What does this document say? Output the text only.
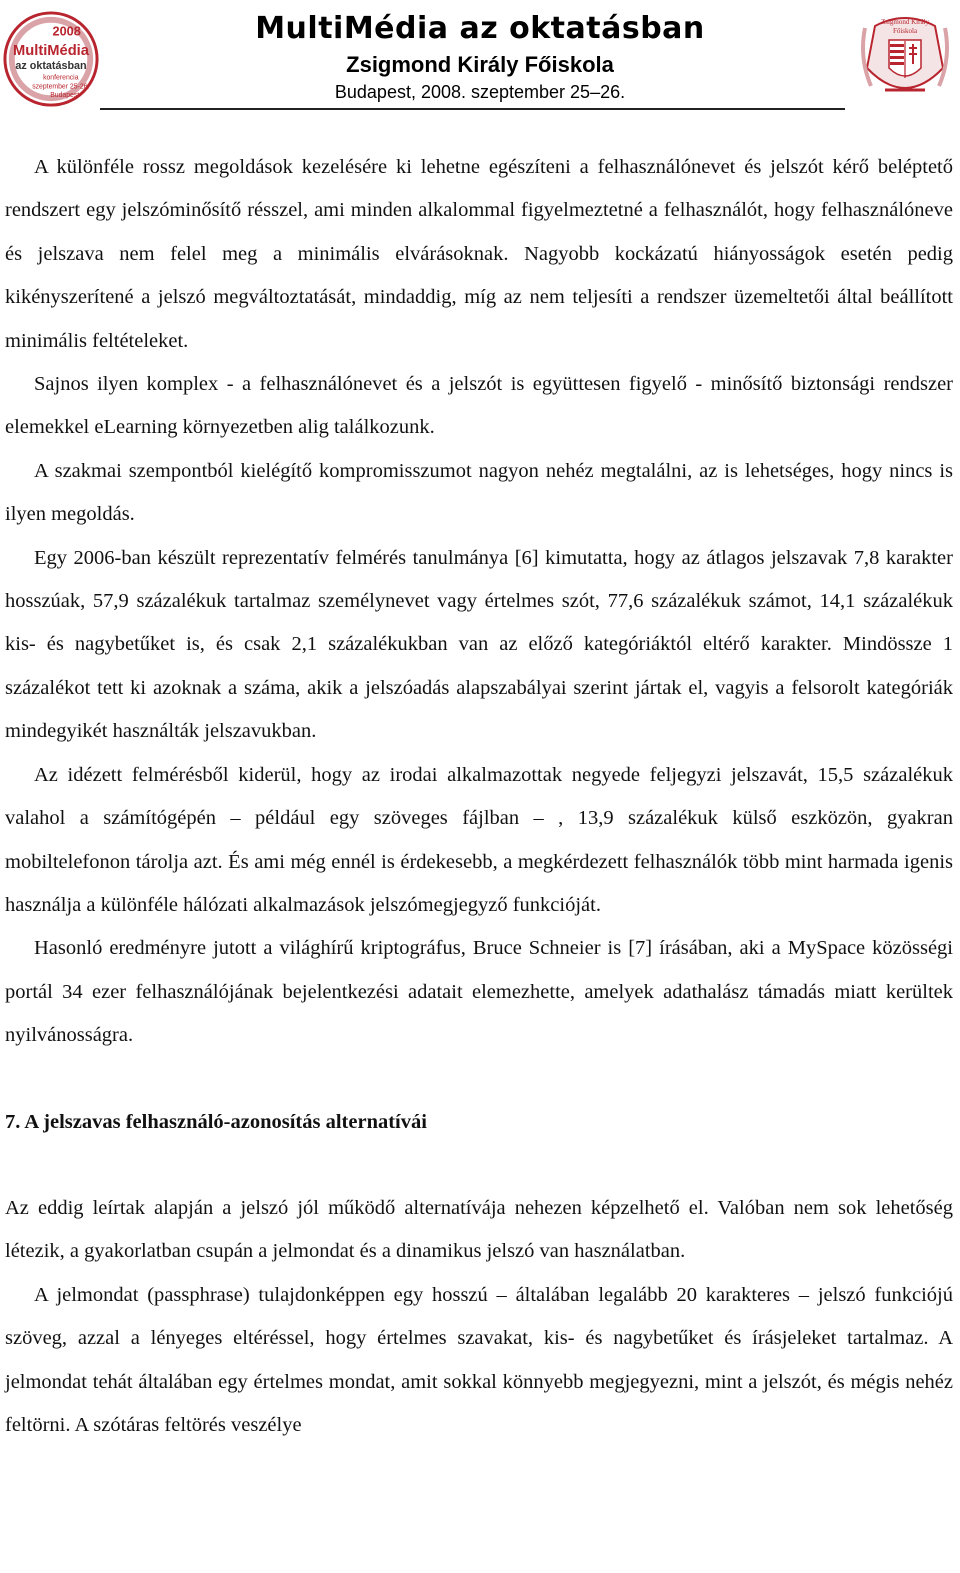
2008
MultiMédia
az oktatásban
konferencia
szeptember 25-26.
Budapest
MultiMédia az oktatásban
Zsigmond Király Főiskola
Budapest, 2008. szeptember 25–26.
Zsigmond Király
Főiskola

A különféle rossz megoldások kezelésére ki lehetne egészíteni a felhasználónevet és jelszót kérő beléptető rendszert egy jelszóminősítő résszel, ami minden alkalommal figyelmeztetné a felhasználót, hogy felhasználóneve és jelszava nem felel meg a minimális elvárásoknak. Nagyobb kockázatú hiányosságok esetén pedig kikényszerítené a jelszó megváltoztatását, mindaddig, míg az nem teljesíti a rendszer üzemeltetői által beállított minimális feltételeket.

Sajnos ilyen komplex - a felhasználónevet és a jelszót is együttesen figyelő - minősítő biztonsági rendszer elemekkel eLearning környezetben alig találkozunk.

A szakmai szempontból kielégítő kompromisszumot nagyon nehéz megtalálni, az is lehetséges, hogy nincs is ilyen megoldás.

Egy 2006-ban készült reprezentatív felmérés tanulmánya [6] kimutatta, hogy az átlagos jelszavak 7,8 karakter hosszúak, 57,9 százalékuk tartalmaz személynevet vagy értelmes szót, 77,6 százalékuk számot, 14,1 százalékuk kis- és nagybetűket is, és csak 2,1 százalékukban van az előző kategóriáktól eltérő karakter. Mindössze 1 százalékot tett ki azoknak a száma, akik a jelszóadás alapszabályai szerint jártak el, vagyis a felsorolt kategóriák mindegyikét használták jelszavukban.

Az idézett felmérésből kiderül, hogy az irodai alkalmazottak negyede feljegyzi jelszavát, 15,5 százalékuk valahol a számítógépén – például egy szöveges fájlban – , 13,9 százalékuk külső eszközön, gyakran mobiltelefonon tárolja azt. És ami még ennél is érdekesebb, a megkérdezett felhasználók több mint harmada igenis használja a különféle hálózati alkalmazások jelszómegjegyző funkcióját.

Hasonló eredményre jutott a világhírű kriptográfus, Bruce Schneier is [7] írásában, aki a MySpace közösségi portál 34 ezer felhasználójának bejelentkezési adatait elemezhette, amelyek adathalász támadás miatt kerültek nyilvánosságra.

7. A jelszavas felhasználó-azonosítás alternatívái

Az eddig leírtak alapján a jelszó jól működő alternatívája nehezen képzelhető el. Valóban nem sok lehetőség létezik, a gyakorlatban csupán a jelmondat és a dinamikus jelszó van használatban.

A jelmondat (passphrase) tulajdonképpen egy hosszú – általában legalább 20 karakteres – jelszó funkciójú szöveg, azzal a lényeges eltéréssel, hogy értelmes szavakat, kis- és nagybetűket és írásjeleket tartalmaz. A jelmondat tehát általában egy értelmes mondat, amit sokkal könnyebb megjegyezni, mint a jelszót, és mégis nehéz feltörni. A szótáras feltörés veszélye
